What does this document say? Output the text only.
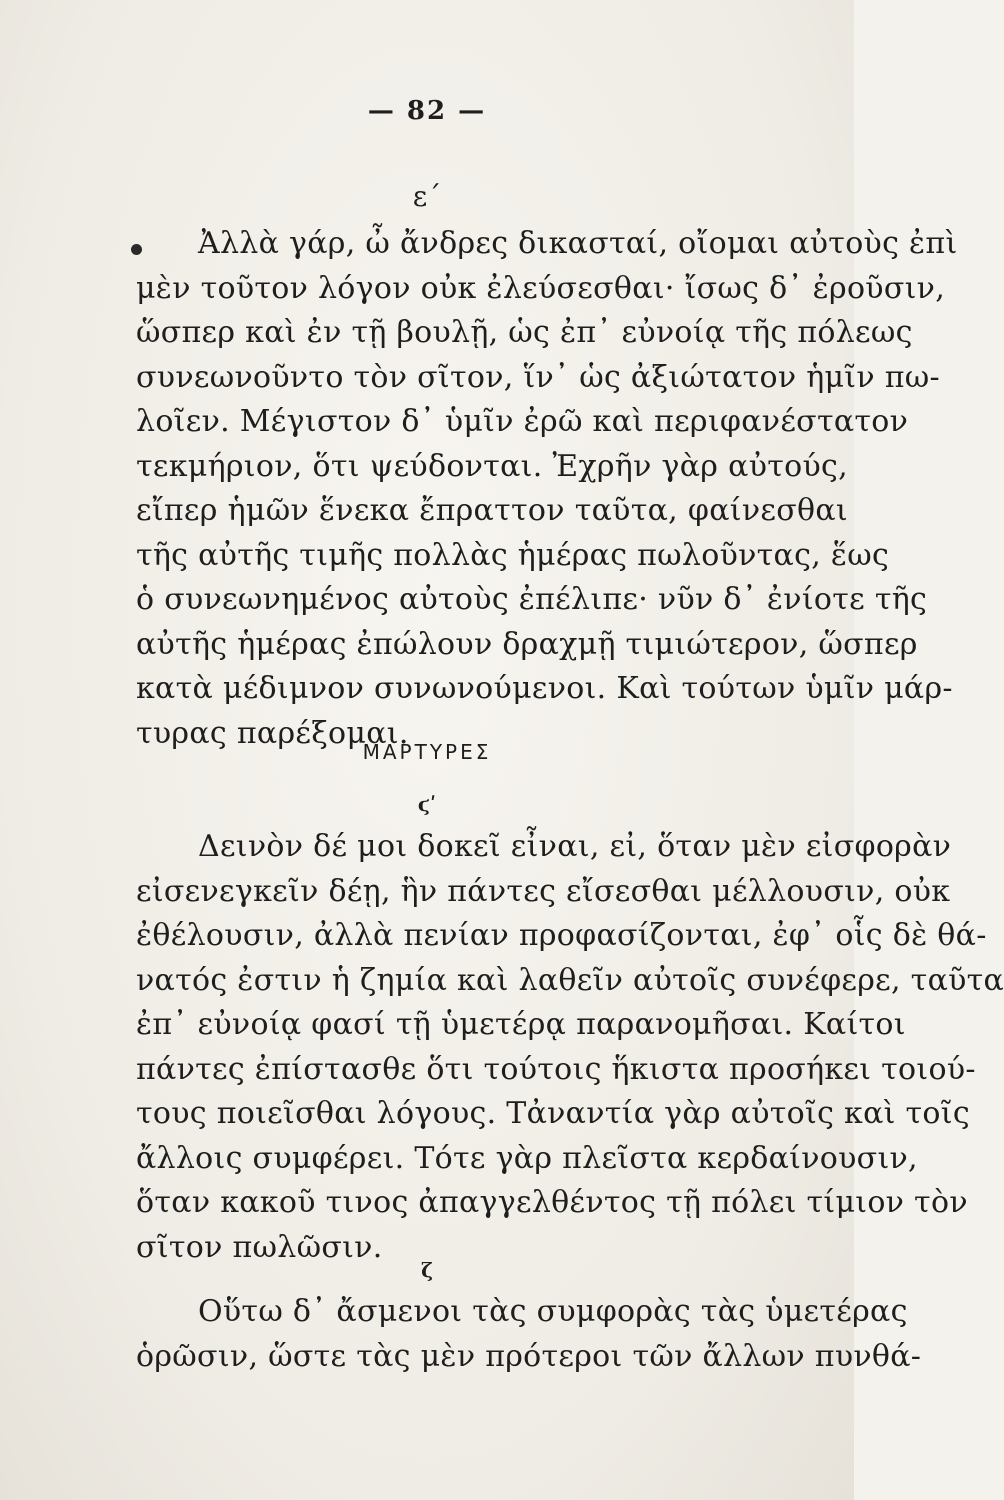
— 82 —
ε΄

Ἀλλὰ γάρ, ὦ ἄνδρες δικασταί, οἴομαι αὐτοὺς ἐπὶ
μὲν τοῦτον λόγον οὐκ ἐλεύσεσθαι· ἴσως δ᾽ ἐροῦσιν,
ὥσπερ καὶ ἐν τῇ βουλῇ, ὡς ἐπ᾽ εὐνοίᾳ τῆς πόλεως
συνεωνοῦντο τὸν σῖτον, ἵν᾽ ὡς ἀξιώτατον ἡμῖν πω-
λοῖεν. Μέγιστον δ᾽ ὑμῖν ἐρῶ καὶ περιφανέστατον
τεκμήριον, ὅτι ψεύδονται. Ἐχρῆν γὰρ αὐτούς,
εἴπερ ἡμῶν ἕνεκα ἔπραττον ταῦτα, φαίνεσθαι
τῆς αὐτῆς τιμῆς πολλὰς ἡμέρας πωλοῦντας, ἕως
ὁ συνεωνημένος αὐτοὺς ἐπέλιπε· νῦν δ᾽ ἐνίοτε τῆς
αὐτῆς ἡμέρας ἐπώλουν δραχμῇ τιμιώτερον, ὥσπερ
κατὰ μέδιμνον συνωνούμενοι. Καὶ τούτων ὑμῖν μάρ-
τυρας παρέξομαι.

ΜΑΡΤΥΡΕΣ
ϛʹ

Δεινὸν δέ μοι δοκεῖ εἶναι, εἰ, ὅταν μὲν εἰσφορὰν
εἰσενεγκεῖν δέῃ, ἣν πάντες εἴσεσθαι μέλλουσιν, οὐκ
ἐθέλουσιν, ἀλλὰ πενίαν προφασίζονται, ἐφ᾽ οἷς δὲ θά-
νατός ἐστιν ἡ ζημία καὶ λαθεῖν αὐτοῖς συνέφερε, ταῦτα
ἐπ᾽ εὐνοίᾳ φασί τῇ ὑμετέρᾳ παρανομῆσαι. Καίτοι
πάντες ἐπίστασθε ὅτι τούτοις ἥκιστα προσήκει τοιού-
τους ποιεῖσθαι λόγους. Τἀναντία γὰρ αὐτοῖς καὶ τοῖς
ἄλλοις συμφέρει. Τότε γὰρ πλεῖστα κερδαίνουσιν,
ὅταν κακοῦ τινος ἀπαγγελθέντος τῇ πόλει τίμιον τὸν
σῖτον πωλῶσιν.

ζ

Οὕτω δ᾽ ἄσμενοι τὰς συμφορὰς τὰς ὑμετέρας
ὁρῶσιν, ὥστε τὰς μὲν πρότεροι τῶν ἄλλων πυνθά-
